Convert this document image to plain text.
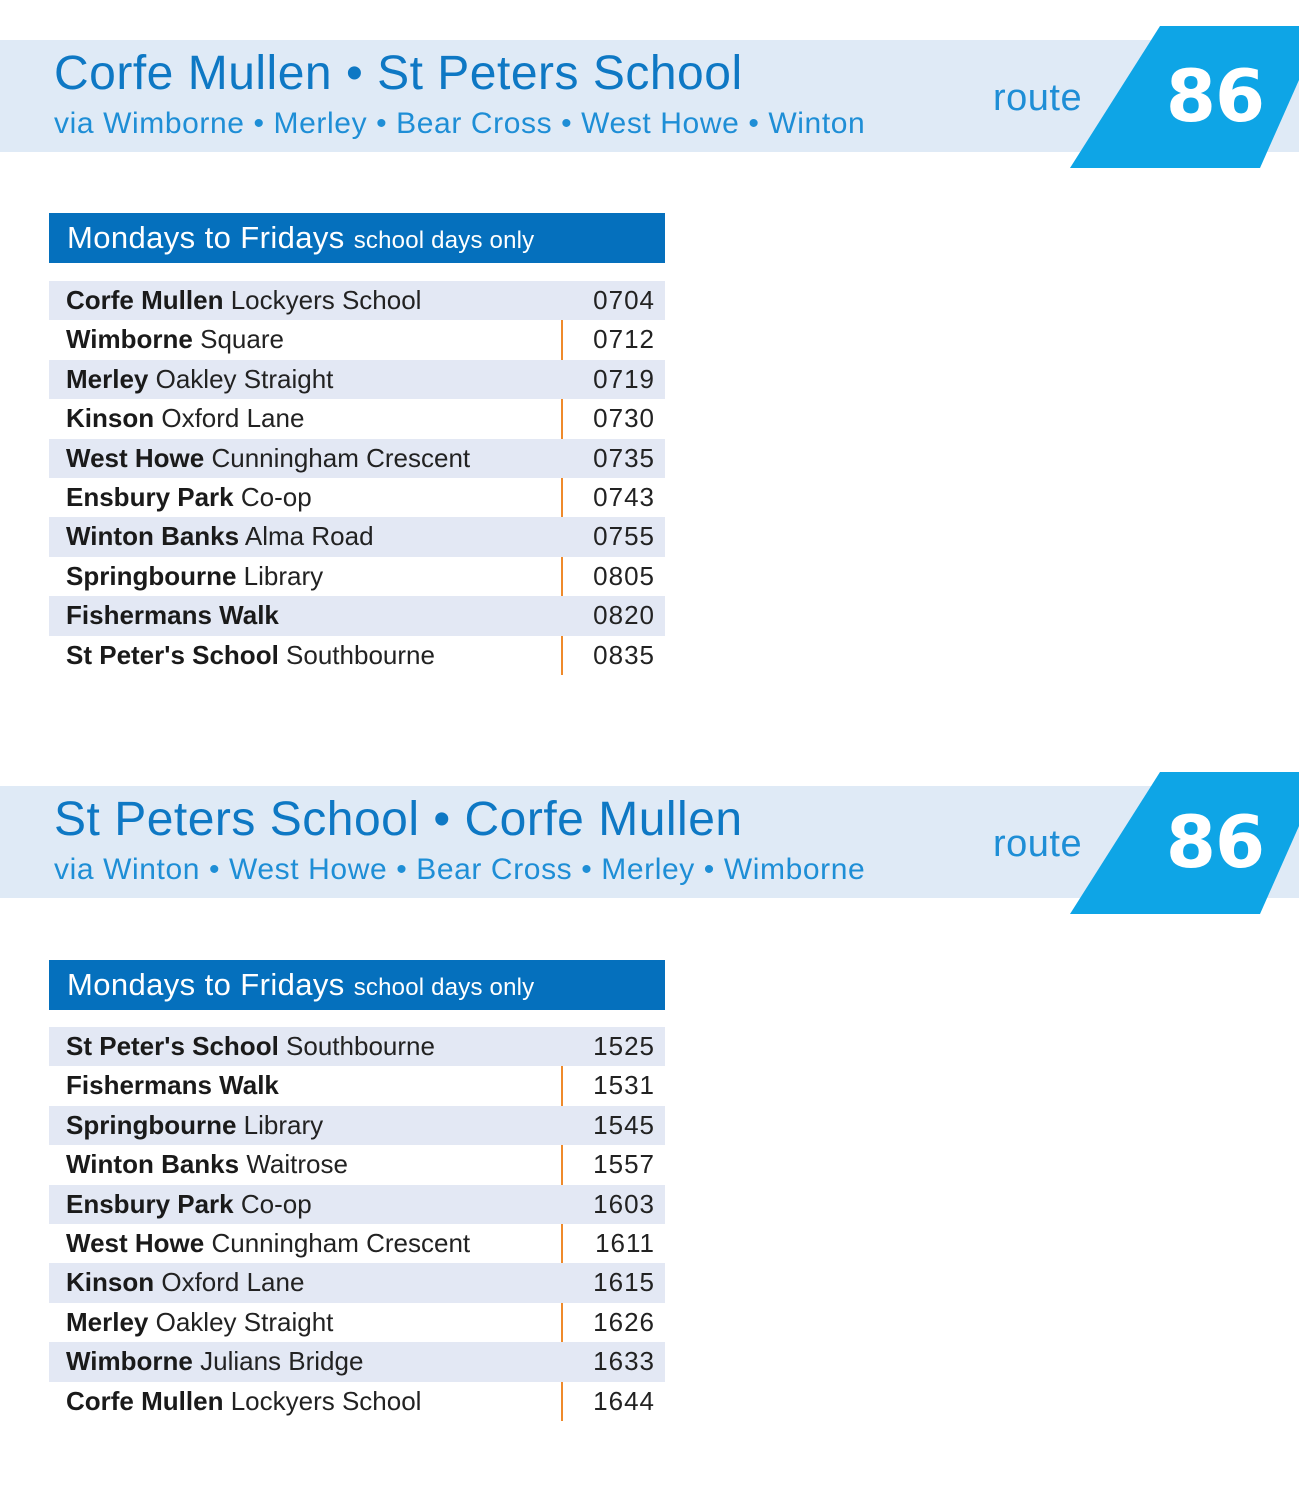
Corfe Mullen • St Peters School
via Wimborne • Merley • Bear Cross • West Howe • Winton
route 86
Mondays to Fridays school days only
Corfe Mullen Lockyers School	0704
Wimborne Square	0712
Merley Oakley Straight	0719
Kinson Oxford Lane	0730
West Howe Cunningham Crescent	0735
Ensbury Park Co-op	0743
Winton Banks Alma Road	0755
Springbourne Library	0805
Fishermans Walk	0820
St Peter's School Southbourne	0835
St Peters School • Corfe Mullen
via Winton • West Howe • Bear Cross • Merley • Wimborne
route 86
Mondays to Fridays school days only
St Peter's School Southbourne	1525
Fishermans Walk	1531
Springbourne Library	1545
Winton Banks Waitrose	1557
Ensbury Park Co-op	1603
West Howe Cunningham Crescent	1611
Kinson Oxford Lane	1615
Merley Oakley Straight	1626
Wimborne Julians Bridge	1633
Corfe Mullen Lockyers School	1644
